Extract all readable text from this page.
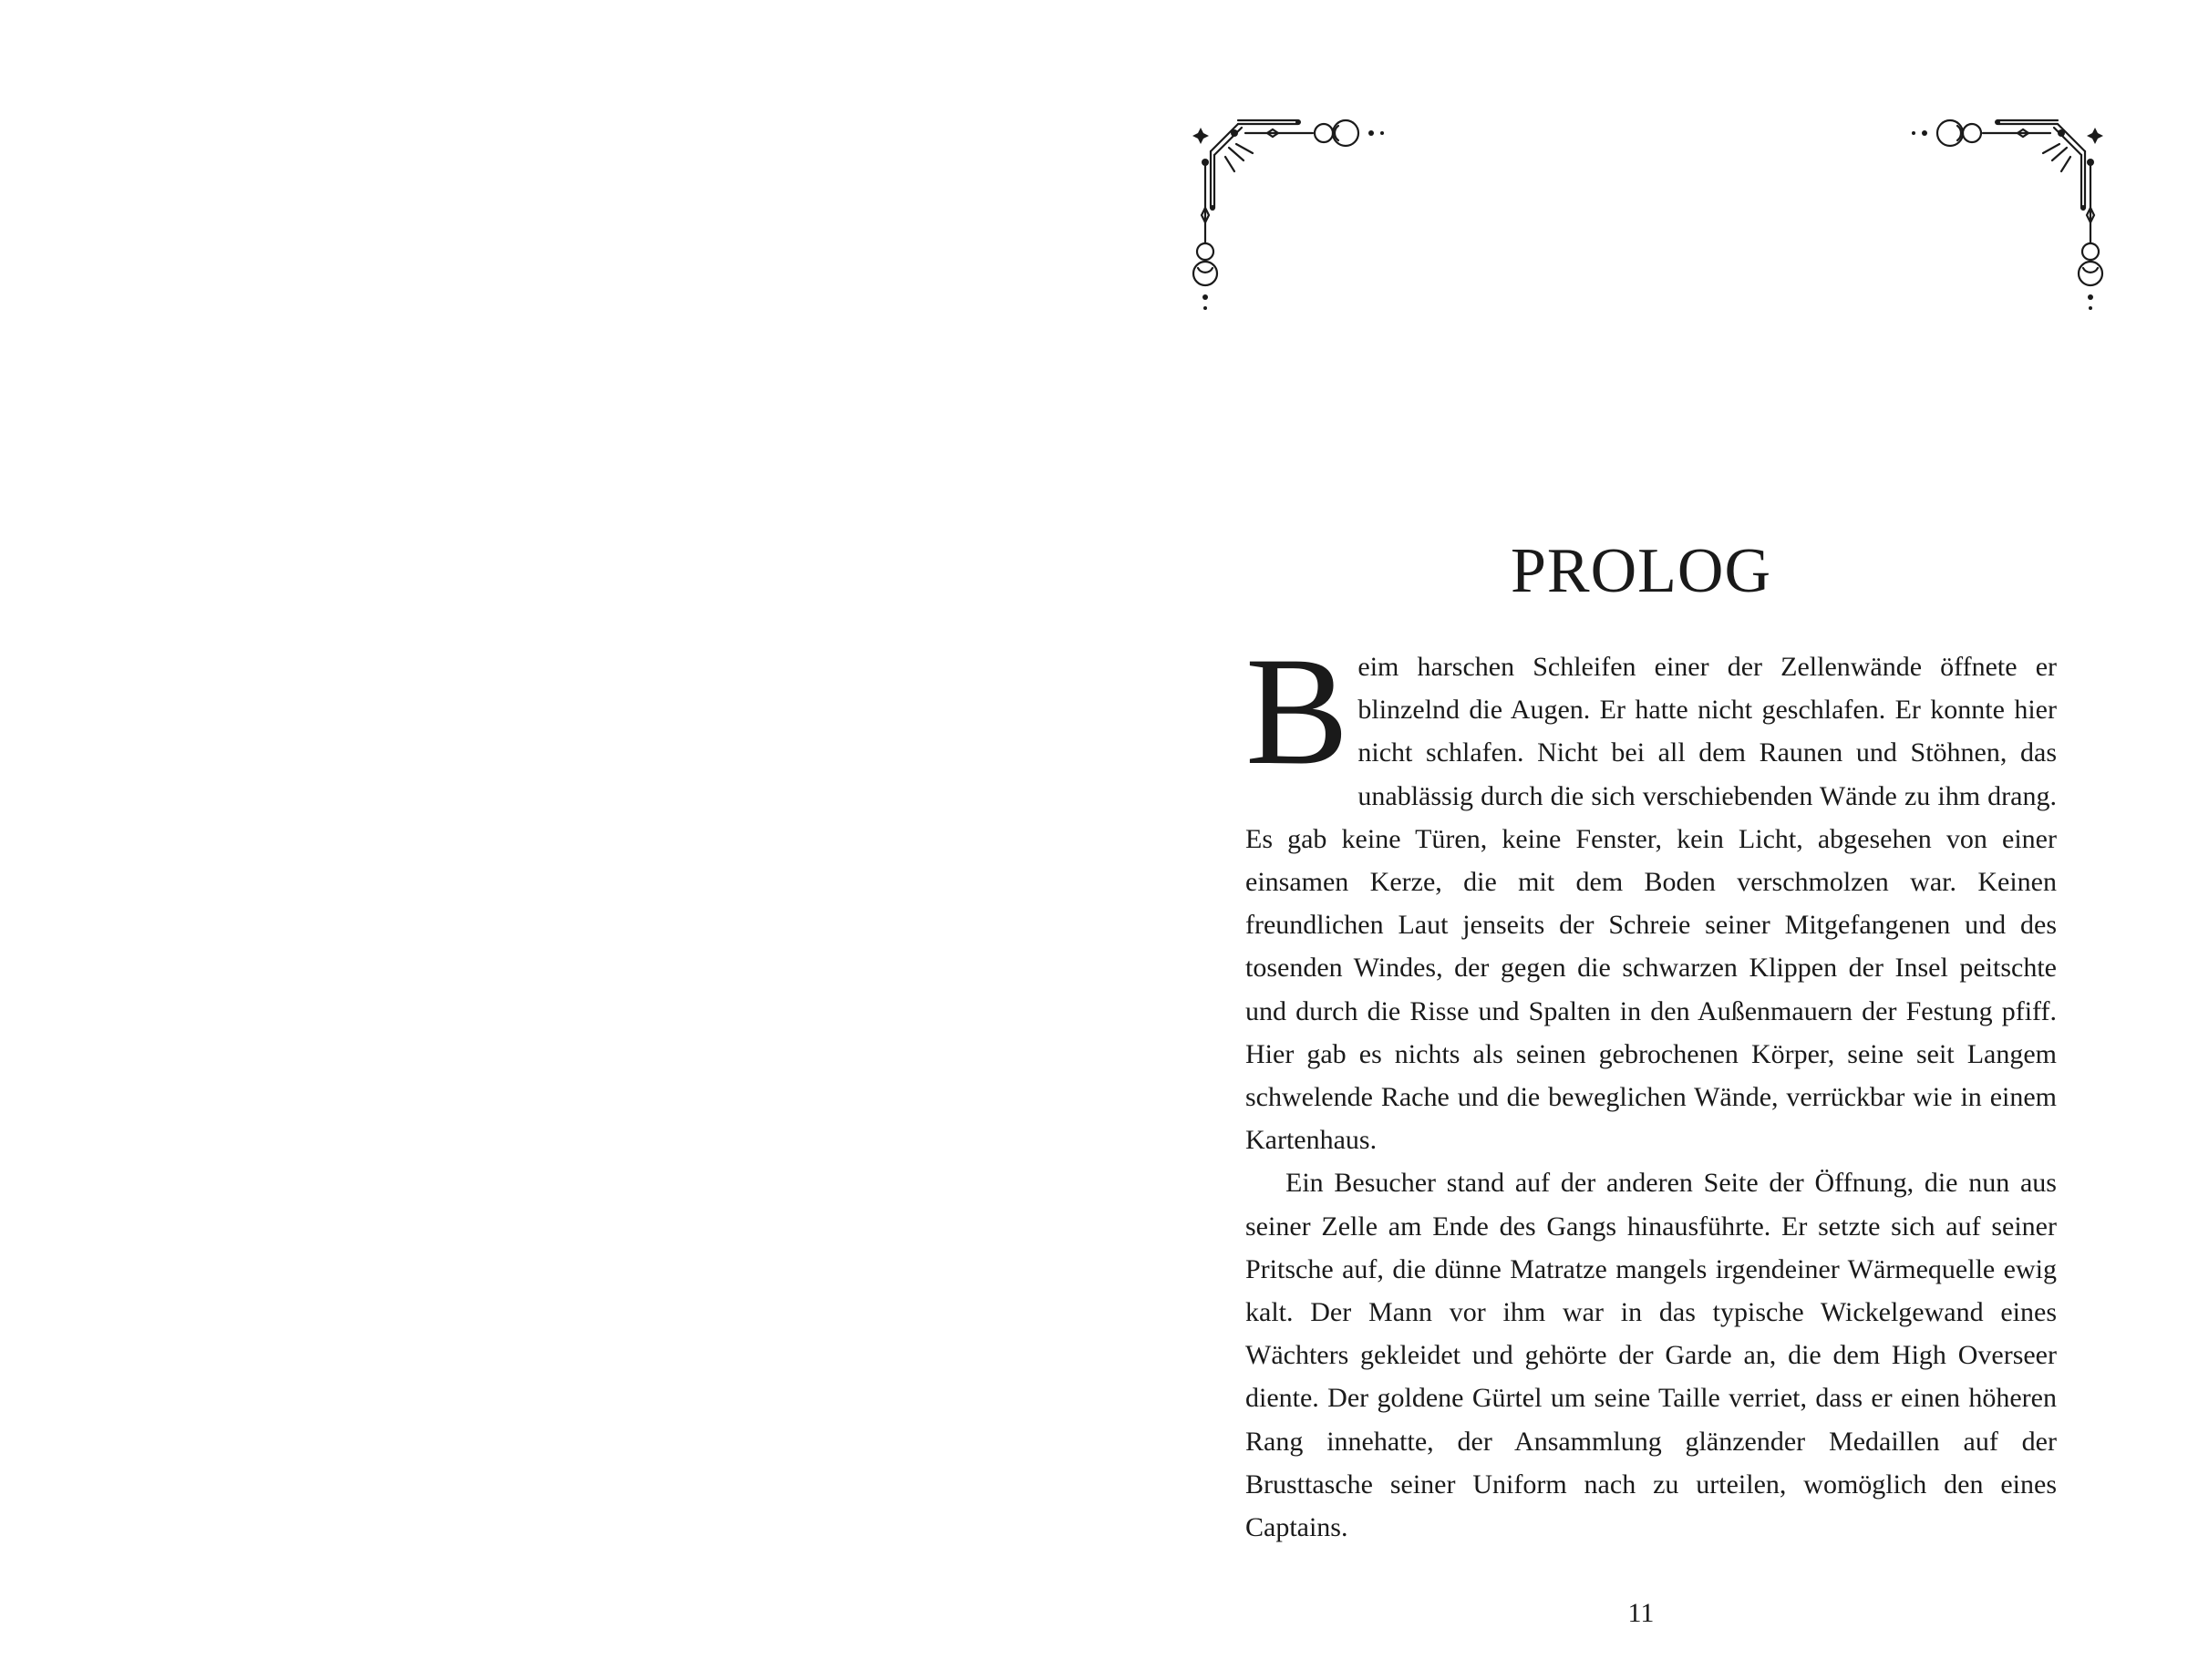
PROLOG

Beim harschen Schleifen einer der Zellenwände öffnete er blinzelnd die Augen. Er hatte nicht geschlafen. Er konnte hier nicht schlafen. Nicht bei all dem Raunen und Stöhnen, das unablässig durch die sich verschiebenden Wände zu ihm drang. Es gab keine Türen, keine Fenster, kein Licht, abgesehen von einer einsamen Kerze, die mit dem Boden verschmolzen war. Keinen freundlichen Laut jenseits der Schreie seiner Mitgefangenen und des tosenden Windes, der gegen die schwarzen Klippen der Insel peitschte und durch die Risse und Spalten in den Außenmauern der Festung pfiff. Hier gab es nichts als seinen gebrochenen Körper, seine seit Langem schwelende Rache und die beweglichen Wände, verrückbar wie in einem Kartenhaus.

Ein Besucher stand auf der anderen Seite der Öffnung, die nun aus seiner Zelle am Ende des Gangs hinausführte. Er setzte sich auf seiner Pritsche auf, die dünne Matratze mangels irgendeiner Wärmequelle ewig kalt. Der Mann vor ihm war in das typische Wickelgewand eines Wächters gekleidet und gehörte der Garde an, die dem High Overseer diente. Der goldene Gürtel um seine Taille verriet, dass er einen höheren Rang innehatte, der Ansammlung glänzender Medaillen auf der Brusttasche seiner Uniform nach zu urteilen, womöglich den eines Captains.

11
